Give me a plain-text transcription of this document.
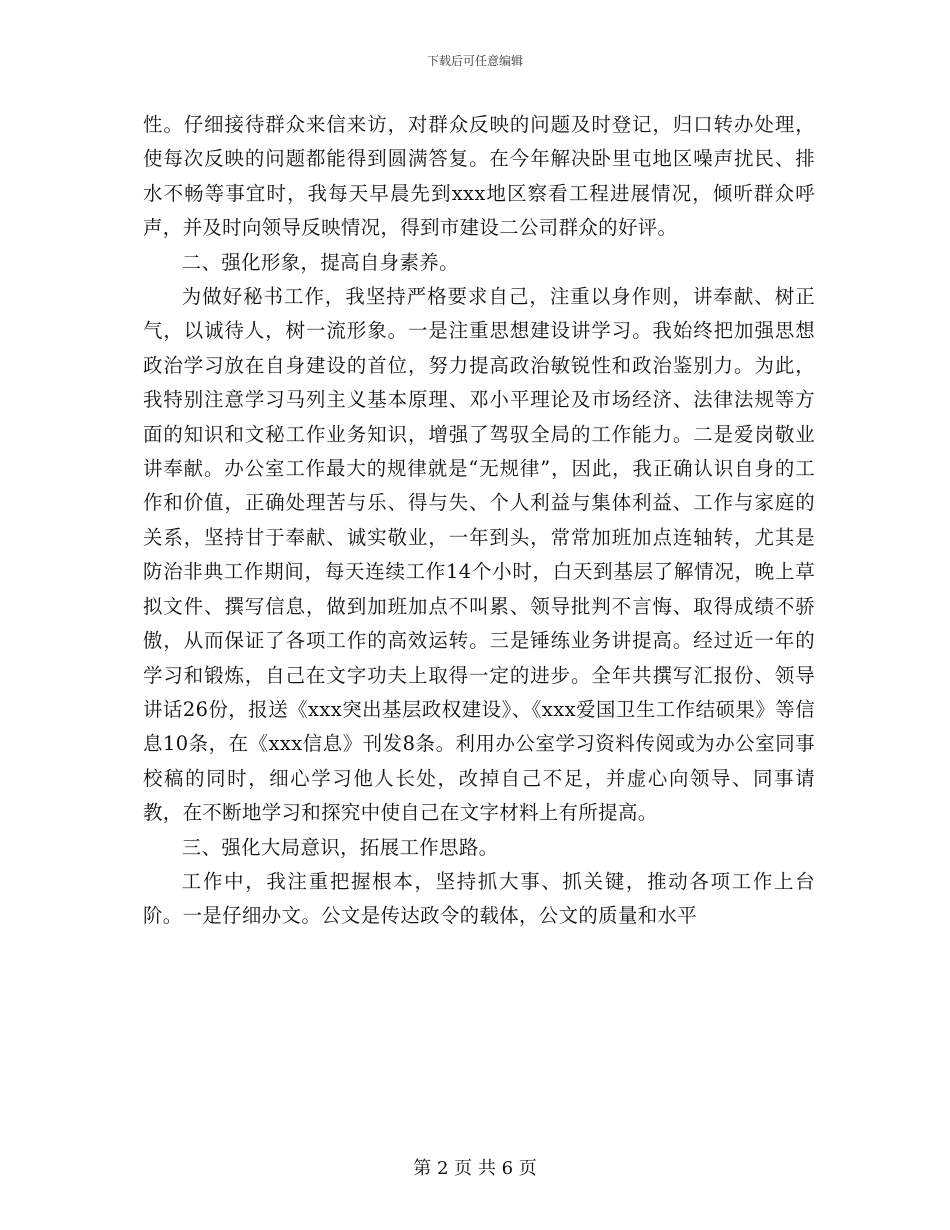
下载后可任意编辑

性。仔细接待群众来信来访，对群众反映的问题及时登记，归口转办处理，使每次反映的问题都能得到圆满答复。在今年解决卧里屯地区噪声扰民、排水不畅等事宜时，我每天早晨先到xxx地区察看工程进展情况，倾听群众呼声，并及时向领导反映情况，得到市建设二公司群众的好评。

二、强化形象，提高自身素养。

为做好秘书工作，我坚持严格要求自己，注重以身作则，讲奉献、树正气，以诚待人，树一流形象。一是注重思想建设讲学习。我始终把加强思想政治学习放在自身建设的首位，努力提高政治敏锐性和政治鉴别力。为此，我特别注意学习马列主义基本原理、邓小平理论及市场经济、法律法规等方面的知识和文秘工作业务知识，增强了驾驭全局的工作能力。二是爱岗敬业讲奉献。办公室工作最大的规律就是“无规律”，因此，我正确认识自身的工作和价值，正确处理苦与乐、得与失、个人利益与集体利益、工作与家庭的关系，坚持甘于奉献、诚实敬业，一年到头，常常加班加点连轴转，尤其是防治非典工作期间，每天连续工作14个小时，白天到基层了解情况，晚上草拟文件、撰写信息，做到加班加点不叫累、领导批判不言悔、取得成绩不骄傲，从而保证了各项工作的高效运转。三是锤练业务讲提高。经过近一年的学习和锻炼，自己在文字功夫上取得一定的进步。全年共撰写汇报份、领导讲话26份，报送《xxx突出基层政权建设》、《xxx爱国卫生工作结硕果》等信息10条，在《xxx信息》刊发8条。利用办公室学习资料传阅或为办公室同事校稿的同时，细心学习他人长处，改掉自己不足，并虚心向领导、同事请教，在不断地学习和探究中使自己在文字材料上有所提高。

三、强化大局意识，拓展工作思路。

工作中，我注重把握根本，坚持抓大事、抓关键，推动各项工作上台阶。一是仔细办文。公文是传达政令的载体，公文的质量和水平

第 2 页 共 6 页
